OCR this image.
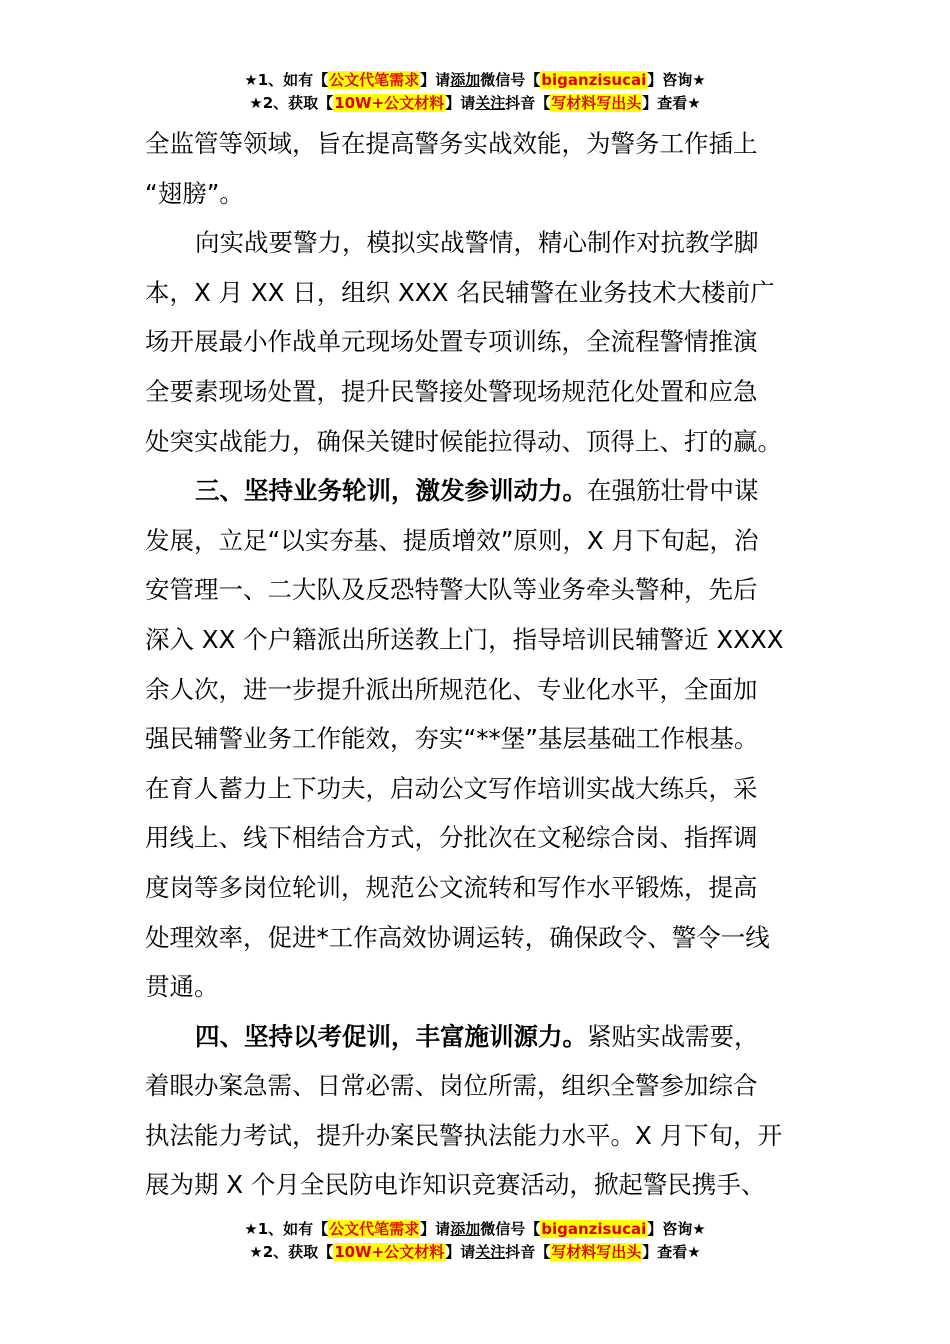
★1、如有【公文代笔需求】请添加微信号【biganzisucai】咨询★
★2、获取【10W+公文材料】请关注抖音【写材料写出头】查看★
全监管等领域，旨在提高警务实战效能，为警务工作插上
“翅膀”。
向实战要警力，模拟实战警情，精心制作对抗教学脚
本，X 月 XX 日，组织 XXX 名民辅警在业务技术大楼前广
场开展最小作战单元现场处置专项训练，全流程警情推演
全要素现场处置，提升民警接处警现场规范化处置和应急
处突实战能力，确保关键时候能拉得动、顶得上、打的赢。
三、坚持业务轮训，激发参训动力。在强筋壮骨中谋
发展，立足“以实夯基、提质增效”原则，X 月下旬起，治
安管理一、二大队及反恐特警大队等业务牵头警种，先后
深入 XX 个户籍派出所送教上门，指导培训民辅警近 XXXX
余人次，进一步提升派出所规范化、专业化水平，全面加
强民辅警业务工作能效，夯实“**堡”基层基础工作根基。
在育人蓄力上下功夫，启动公文写作培训实战大练兵，采
用线上、线下相结合方式，分批次在文秘综合岗、指挥调
度岗等多岗位轮训，规范公文流转和写作水平锻炼，提高
处理效率，促进*工作高效协调运转，确保政令、警令一线
贯通。
四、坚持以考促训，丰富施训源力。紧贴实战需要，
着眼办案急需、日常必需、岗位所需，组织全警参加综合
执法能力考试，提升办案民警执法能力水平。X 月下旬，开
展为期 X 个月全民防电诈知识竞赛活动，掀起警民携手、
★1、如有【公文代笔需求】请添加微信号【biganzisucai】咨询★
★2、获取【10W+公文材料】请关注抖音【写材料写出头】查看★
